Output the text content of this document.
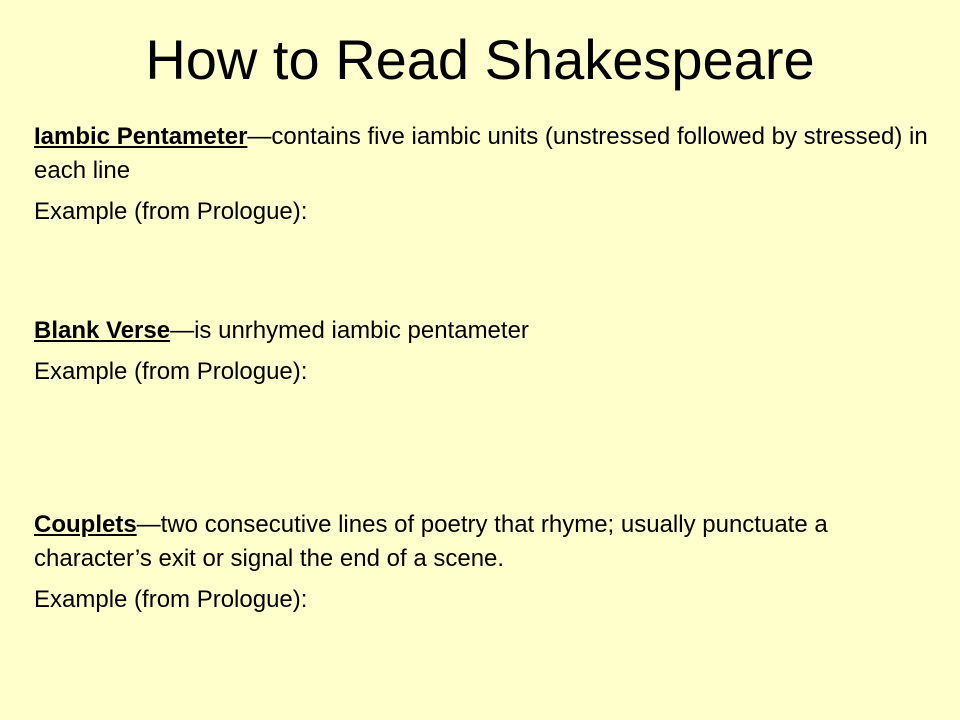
How to Read Shakespeare

Iambic Pentameter—contains five iambic units (unstressed followed by stressed) in each line

Example (from Prologue):

Blank Verse—is unrhymed iambic pentameter

Example (from Prologue):

Couplets—two consecutive lines of poetry that rhyme; usually punctuate a character’s exit or signal the end of a scene.

Example (from Prologue):
